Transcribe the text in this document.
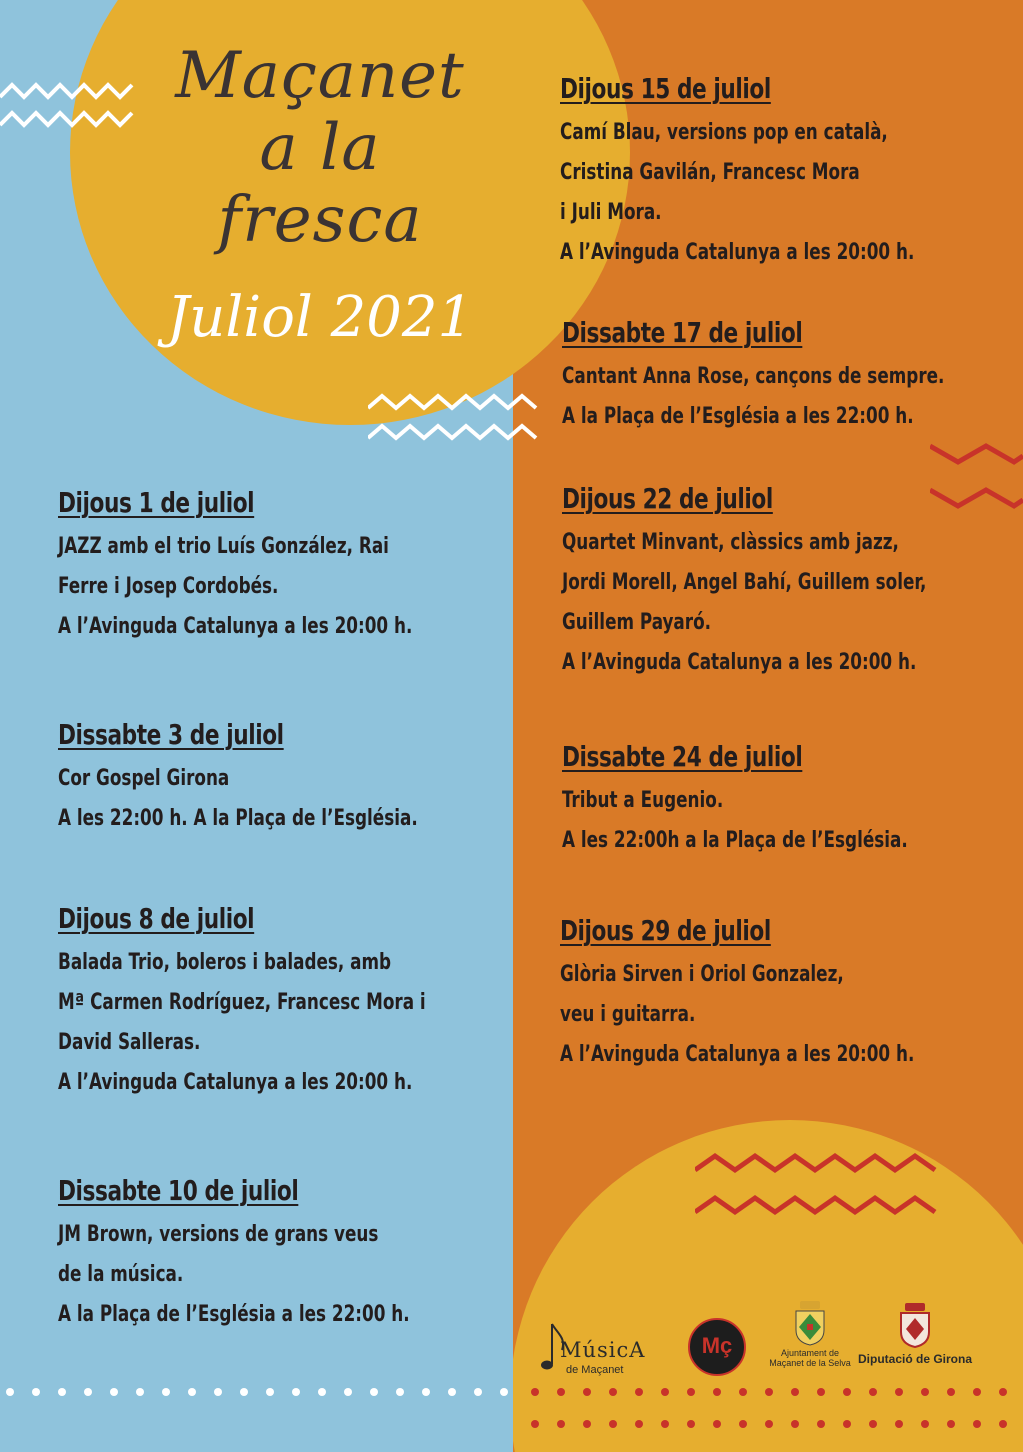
Maçanet
a la fresca
Juliol 2021
Dijous 1 de juliol
JAZZ amb el trio Luís González, Rai
Ferre i Josep Cordobés.
A l’Avinguda Catalunya a les 20:00 h.
Dissabte 3 de juliol
Cor Gospel Girona
A les 22:00 h. A la Plaça de l’Església.
Dijous 8 de juliol
Balada Trio, boleros i balades, amb
Mª Carmen Rodríguez, Francesc Mora i
David Salleras.
A l’Avinguda Catalunya a les 20:00 h.
Dissabte 10 de juliol
JM Brown, versions de grans veus
de la música.
A la Plaça de l’Església a les 22:00 h.
Dijous 15 de juliol
Camí Blau, versions pop en català,
Cristina Gavilán, Francesc Mora
i Juli Mora.
A l’Avinguda Catalunya a les 20:00 h.
Dissabte 17 de juliol
Cantant Anna Rose, cançons de sempre.
A la Plaça de l’Església a les 22:00 h.
Dijous 22 de juliol
Quartet Minvant, clàssics amb jazz,
Jordi Morell, Angel Bahí, Guillem soler,
Guillem Payaró.
A l’Avinguda Catalunya a les 20:00 h.
Dissabte 24 de juliol
Tribut a Eugenio.
A les 22:00h a la Plaça de l’Església.
Dijous 29 de juliol
Glòria Sirven i Oriol Gonzalez,
veu i guitarra.
A l’Avinguda Catalunya a les 20:00 h.
MúsicA
de Maçanet
Mç	Ajuntament de
Maçanet de la Selva Diputació de Girona
